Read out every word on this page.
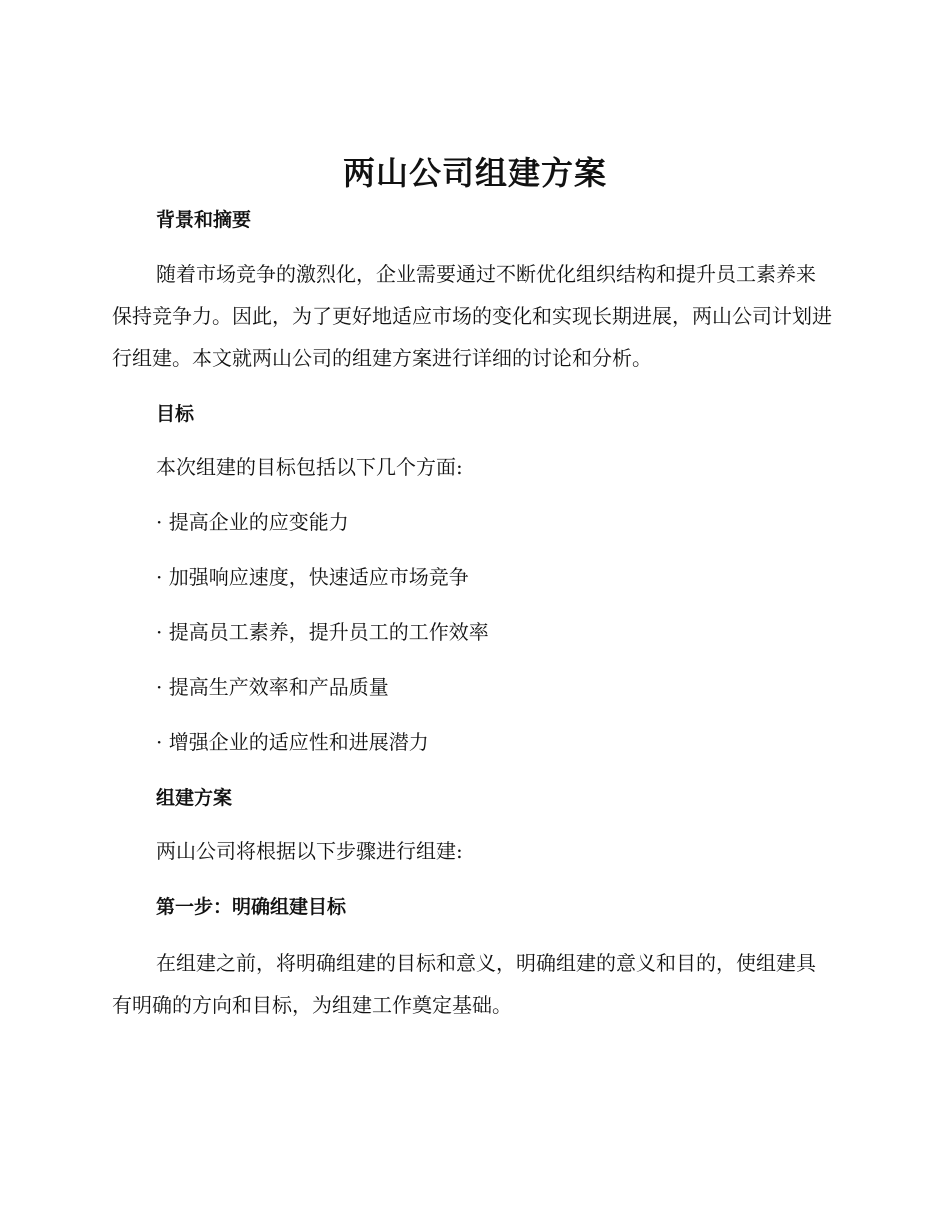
两山公司组建方案
背景和摘要
随着市场竞争的激烈化，企业需要通过不断优化组织结构和提升员工素养来保持竞争力。因此，为了更好地适应市场的变化和实现长期进展，两山公司计划进行组建。本文就两山公司的组建方案进行详细的讨论和分析。
目标
本次组建的目标包括以下几个方面:
· 提高企业的应变能力
· 加强响应速度，快速适应市场竞争
· 提高员工素养，提升员工的工作效率
· 提高生产效率和产品质量
· 增强企业的适应性和进展潜力
组建方案
两山公司将根据以下步骤进行组建:
第一步：明确组建目标
在组建之前，将明确组建的目标和意义，明确组建的意义和目的，使组建具有明确的方向和目标，为组建工作奠定基础。
